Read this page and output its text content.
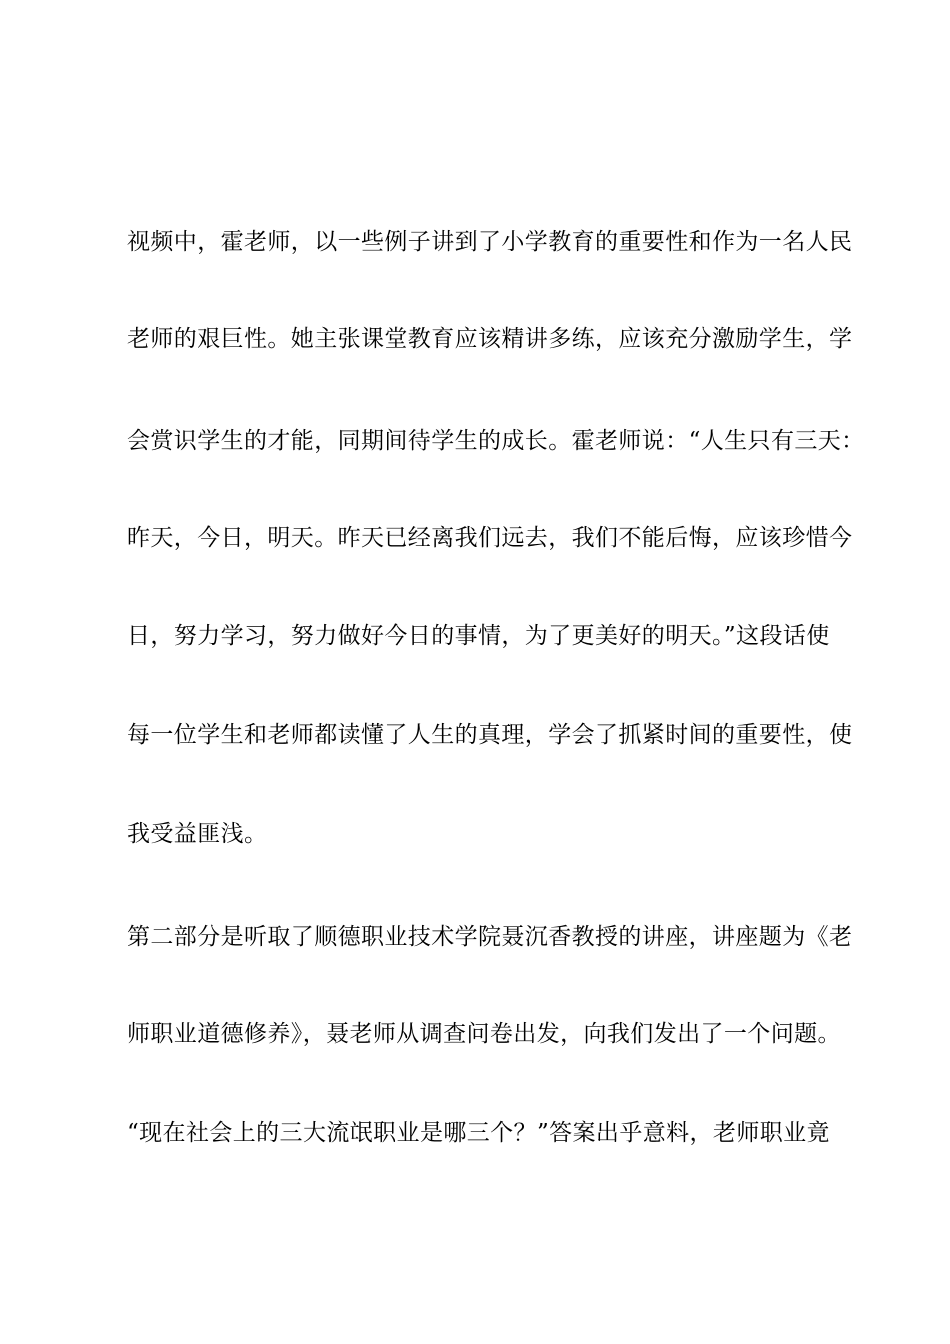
视频中，霍老师，以一些例子讲到了小学教育的重要性和作为一名人民
老师的艰巨性。她主张课堂教育应该精讲多练，应该充分激励学生，学
会赏识学生的才能，同期间待学生的成长。霍老师说：“人生只有三天：
昨天，今日，明天。昨天已经离我们远去，我们不能后悔，应该珍惜今
日，努力学习，努力做好今日的事情，为了更美好的明天。”这段话使
每一位学生和老师都读懂了人生的真理，学会了抓紧时间的重要性，使
我受益匪浅。
第二部分是听取了顺德职业技术学院聂沉香教授的讲座，讲座题为《老
师职业道德修养》，聂老师从调查问卷出发，向我们发出了一个问题。
“现在社会上的三大流氓职业是哪三个？”答案出乎意料，老师职业竟
